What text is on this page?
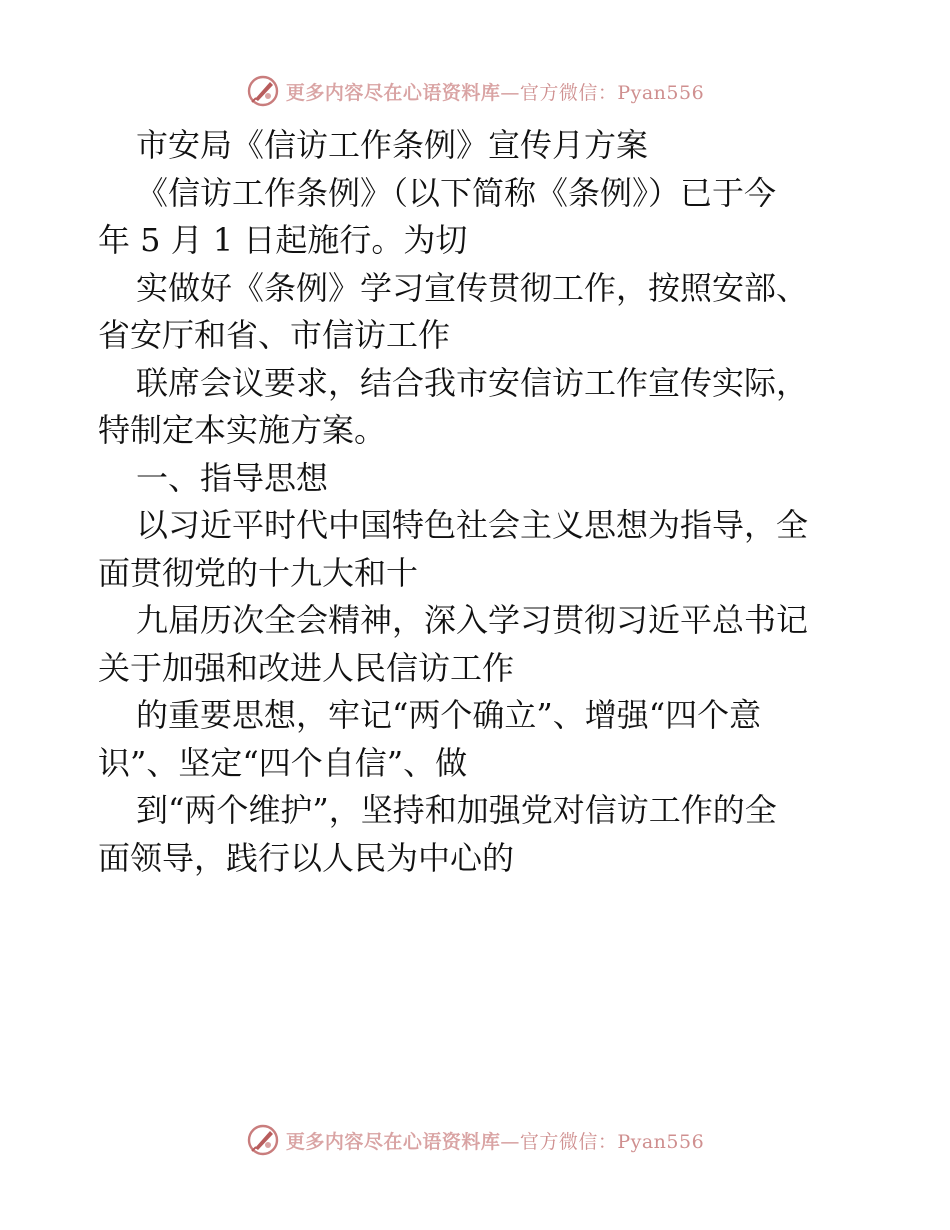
更多内容尽在心语资料库—官方微信：Pyan556

市安局《信访工作条例》宣传月方案

《信访工作条例》（以下简称《条例》）已于今
年 5 月 1 日起施行。为切

实做好《条例》学习宣传贯彻工作，按照安部、
省安厅和省、市信访工作

联席会议要求，结合我市安信访工作宣传实际，
特制定本实施方案。

一、指导思想

以习近平时代中国特色社会主义思想为指导，全
面贯彻党的十九大和十

九届历次全会精神，深入学习贯彻习近平总书记
关于加强和改进人民信访工作

的重要思想，牢记“两个确立”、增强“四个意
识”、坚定“四个自信”、做

到“两个维护”，坚持和加强党对信访工作的全
面领导，践行以人民为中心的

更多内容尽在心语资料库—官方微信：Pyan556
